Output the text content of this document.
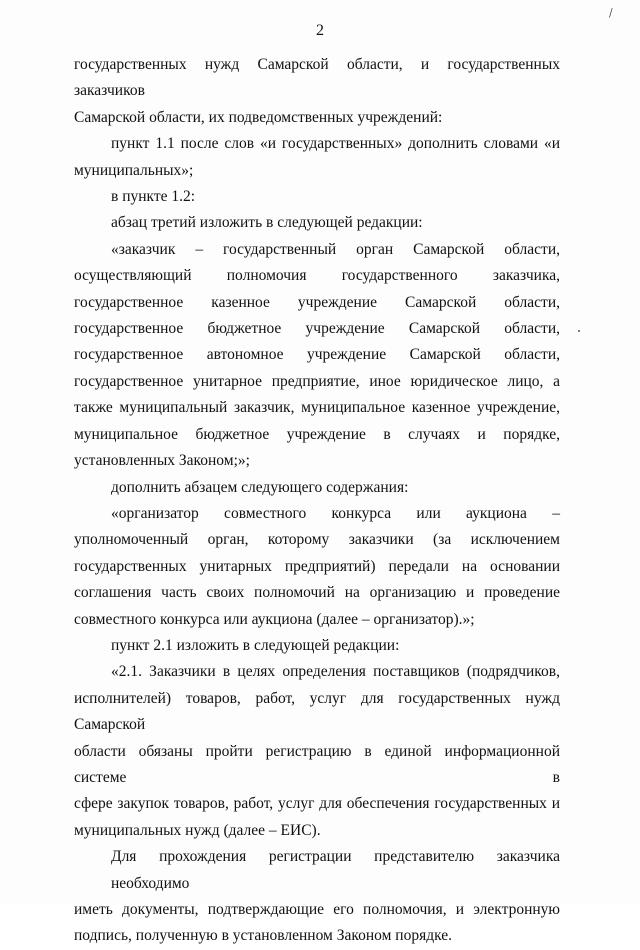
2
\
государственных нужд Самарской области, и государственных заказчиков
Самарской области, их подведомственных учреждений:
пункт 1.1 после слов «и государственных» дополнить словами «и
муниципальных»;
в пункте 1.2:
абзац третий изложить в следующей редакции:
«заказчик – государственный орган Самарской области,
осуществляющий полномочия государственного заказчика,
государственное казенное учреждение Самарской области,
государственное бюджетное учреждение Самарской области,
государственное автономное учреждение Самарской области,
государственное унитарное предприятие, иное юридическое лицо, а
также муниципальный заказчик, муниципальное казенное учреждение,
муниципальное бюджетное учреждение в случаях и порядке,
установленных Законом;»;
дополнить абзацем следующего содержания:
«организатор совместного конкурса или аукциона –
уполномоченный орган, которому заказчики (за исключением
государственных унитарных предприятий) передали на основании
соглашения часть своих полномочий на организацию и проведение
совместного конкурса или аукциона (далее – организатор).»;
пункт 2.1 изложить в следующей редакции:
«2.1. Заказчики в целях определения поставщиков (подрядчиков,
исполнителей) товаров, работ, услуг для государственных нужд Самарской
области обязаны пройти регистрацию в единой информационной системе в
сфере закупок товаров, работ, услуг для обеспечения государственных и
муниципальных нужд (далее – ЕИС).
Для прохождения регистрации представителю заказчика необходимо
иметь документы, подтверждающие его полномочия, и электронную
подпись, полученную в установленном Законом порядке.
